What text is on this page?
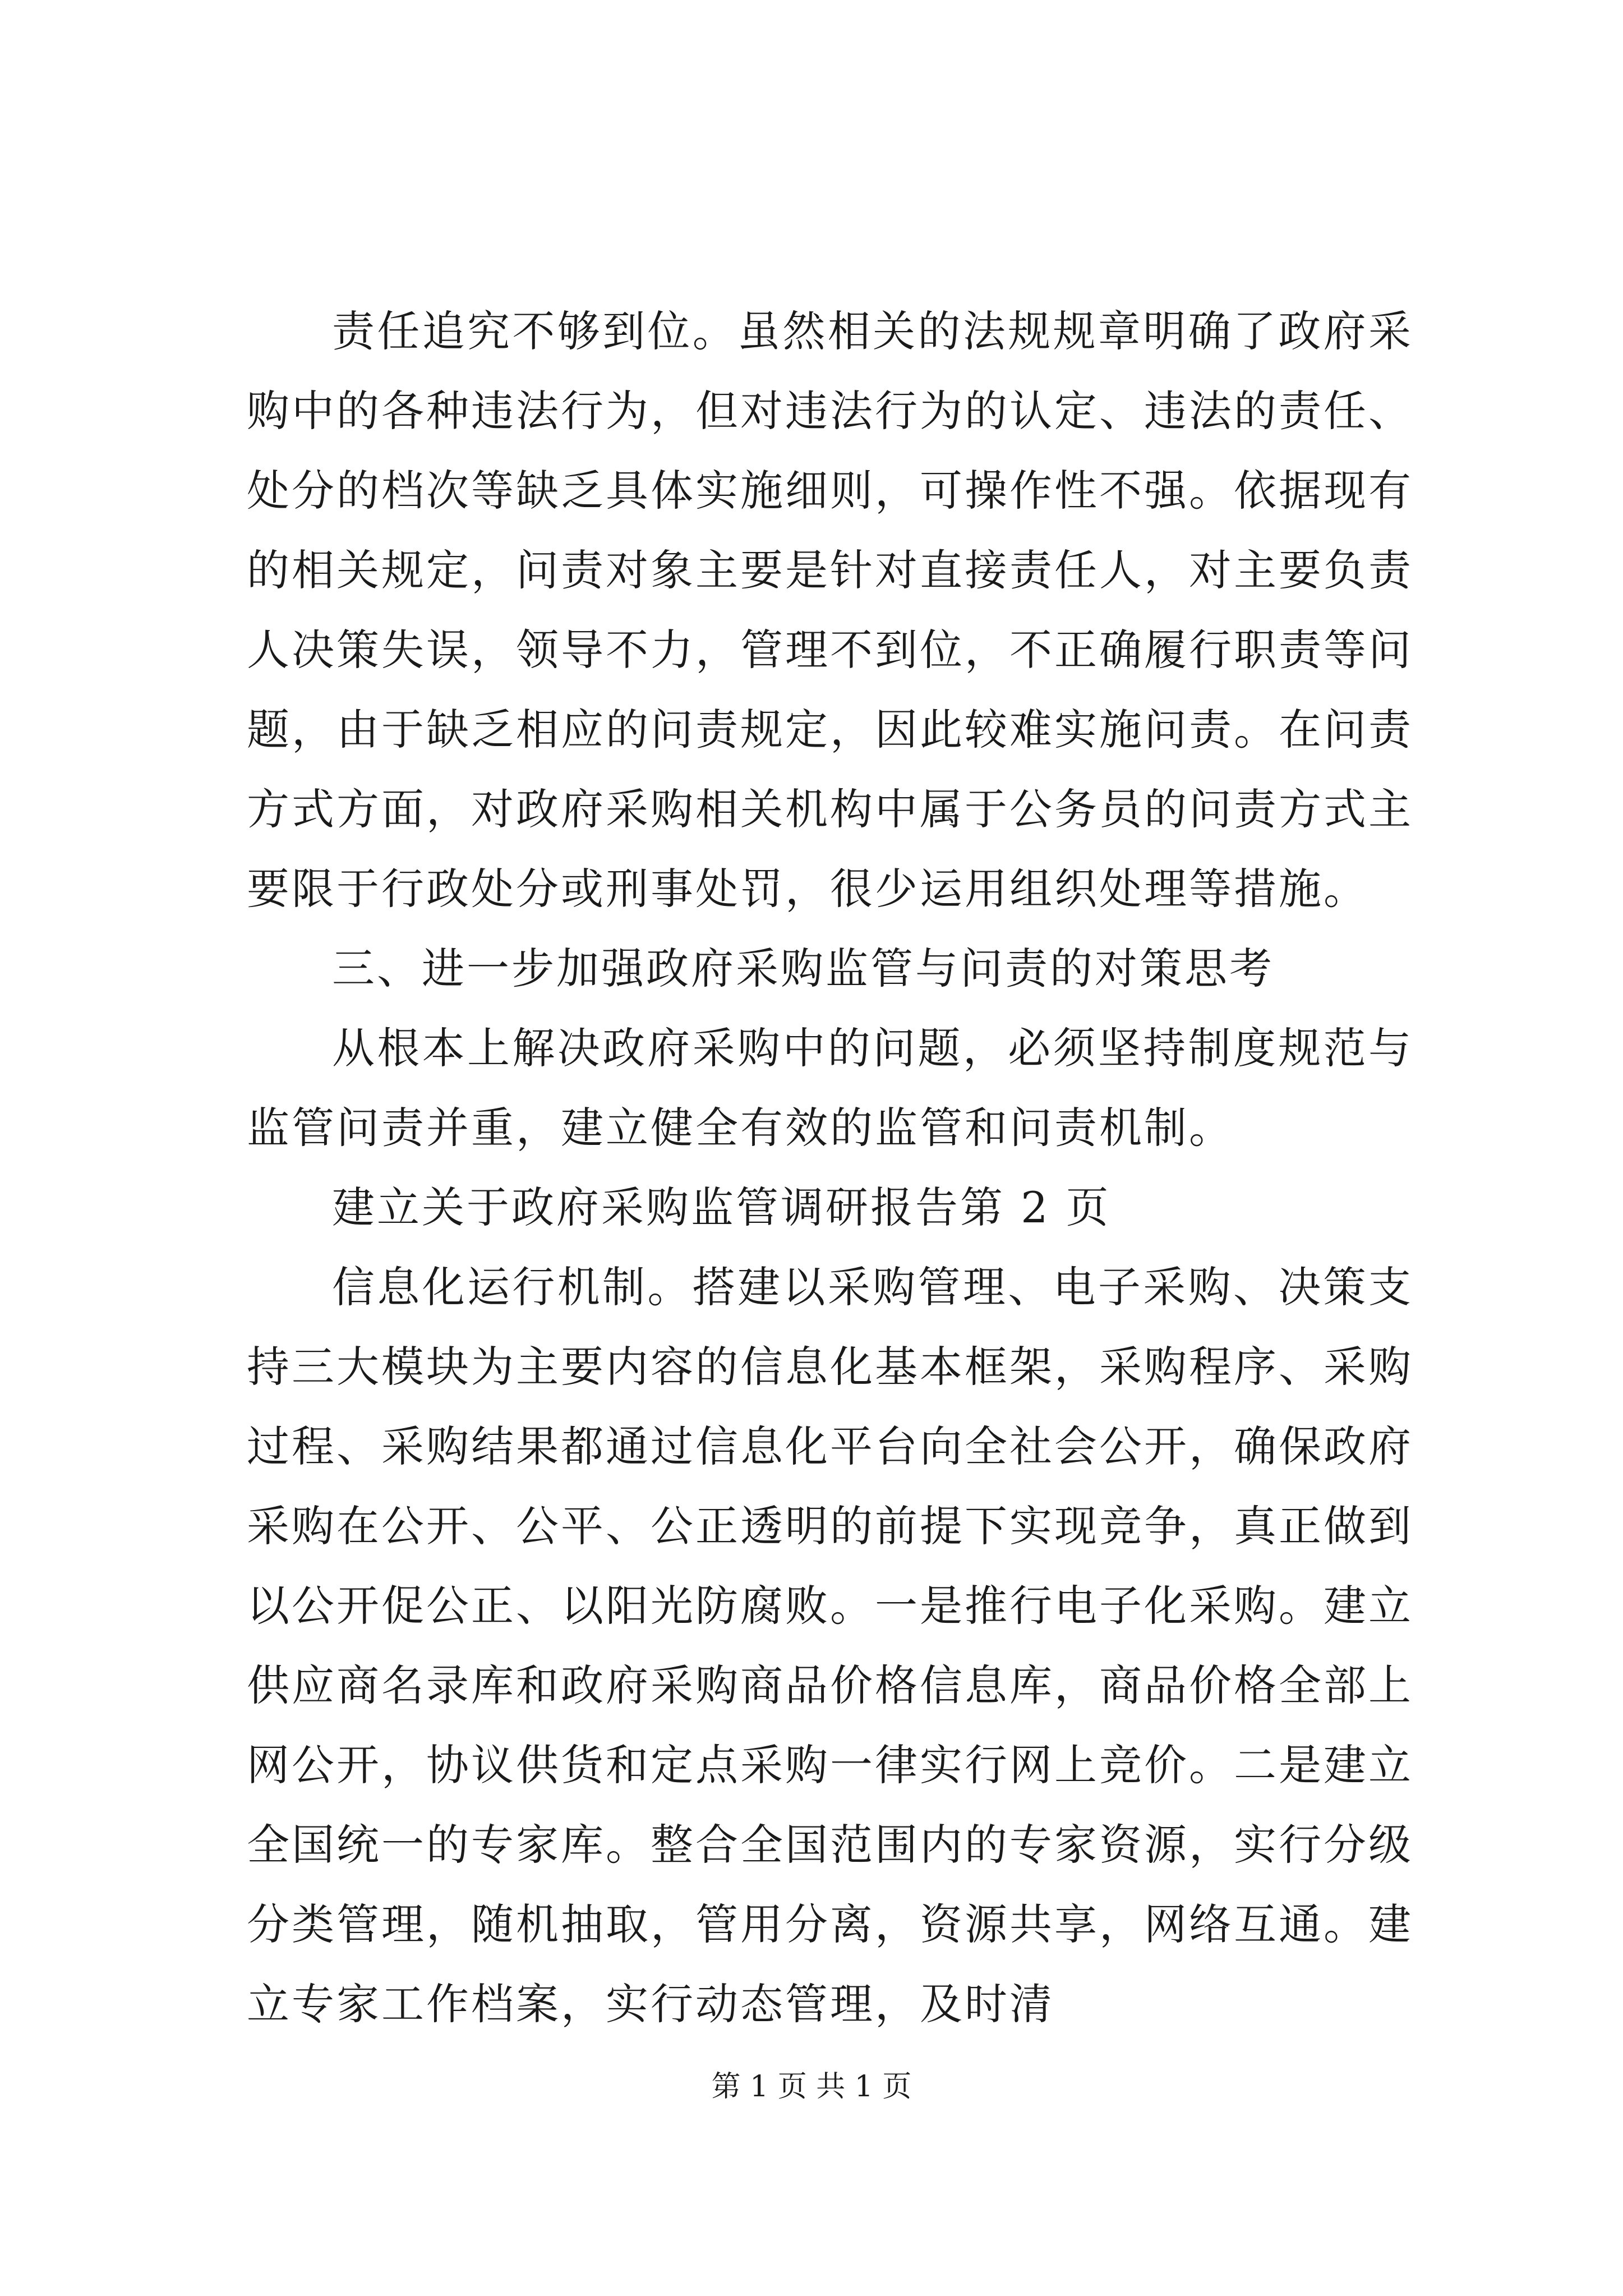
责任追究不够到位。虽然相关的法规规章明确了政府采购中的各种违法行为，但对违法行为的认定、违法的责任、处分的档次等缺乏具体实施细则，可操作性不强。依据现有的相关规定，问责对象主要是针对直接责任人，对主要负责人决策失误，领导不力，管理不到位，不正确履行职责等问题，由于缺乏相应的问责规定，因此较难实施问责。在问责方式方面，对政府采购相关机构中属于公务员的问责方式主要限于行政处分或刑事处罚，很少运用组织处理等措施。

三、进一步加强政府采购监管与问责的对策思考

从根本上解决政府采购中的问题，必须坚持制度规范与监管问责并重，建立健全有效的监管和问责机制。

建立关于政府采购监管调研报告第 2 页

信息化运行机制。搭建以采购管理、电子采购、决策支持三大模块为主要内容的信息化基本框架，采购程序、采购过程、采购结果都通过信息化平台向全社会公开，确保政府采购在公开、公平、公正透明的前提下实现竞争，真正做到以公开促公正、以阳光防腐败。一是推行电子化采购。建立供应商名录库和政府采购商品价格信息库，商品价格全部上网公开，协议供货和定点采购一律实行网上竞价。二是建立全国统一的专家库。整合全国范围内的专家资源，实行分级分类管理，随机抽取，管用分离，资源共享，网络互通。建立专家工作档案，实行动态管理，及时清

第 1 页 共 1 页
